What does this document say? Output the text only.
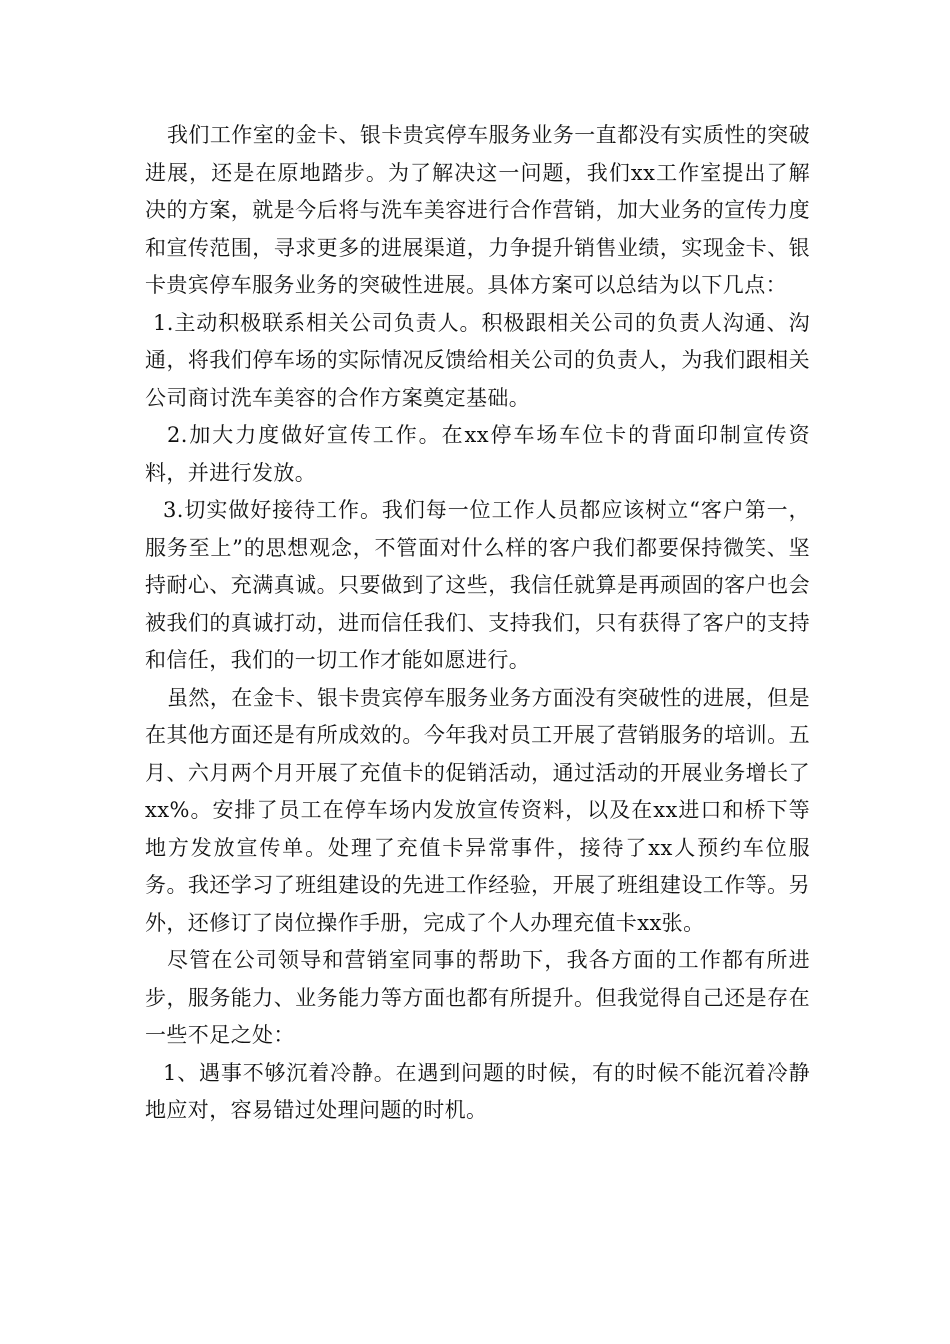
我们工作室的金卡、银卡贵宾停车服务业务一直都没有实质性的突破进展，还是在原地踏步。为了解决这一问题，我们xx工作室提出了解决的方案，就是今后将与洗车美容进行合作营销，加大业务的宣传力度和宣传范围，寻求更多的进展渠道，力争提升销售业绩，实现金卡、银卡贵宾停车服务业务的突破性进展。具体方案可以总结为以下几点：

1.主动积极联系相关公司负责人。积极跟相关公司的负责人沟通、沟通，将我们停车场的实际情况反馈给相关公司的负责人，为我们跟相关公司商讨洗车美容的合作方案奠定基础。

2.加大力度做好宣传工作。在xx停车场车位卡的背面印制宣传资料，并进行发放。

3.切实做好接待工作。我们每一位工作人员都应该树立“客户第一，服务至上”的思想观念，不管面对什么样的客户我们都要保持微笑、坚持耐心、充满真诚。只要做到了这些，我信任就算是再顽固的客户也会被我们的真诚打动，进而信任我们、支持我们，只有获得了客户的支持和信任，我们的一切工作才能如愿进行。

虽然，在金卡、银卡贵宾停车服务业务方面没有突破性的进展，但是在其他方面还是有所成效的。今年我对员工开展了营销服务的培训。五月、六月两个月开展了充值卡的促销活动，通过活动的开展业务增长了xx%。安排了员工在停车场内发放宣传资料，以及在xx进口和桥下等地方发放宣传单。处理了充值卡异常事件，接待了xx人预约车位服务。我还学习了班组建设的先进工作经验，开展了班组建设工作等。另外，还修订了岗位操作手册，完成了个人办理充值卡xx张。

尽管在公司领导和营销室同事的帮助下，我各方面的工作都有所进步，服务能力、业务能力等方面也都有所提升。但我觉得自己还是存在一些不足之处：

1、遇事不够沉着冷静。在遇到问题的时候，有的时候不能沉着冷静地应对，容易错过处理问题的时机。
